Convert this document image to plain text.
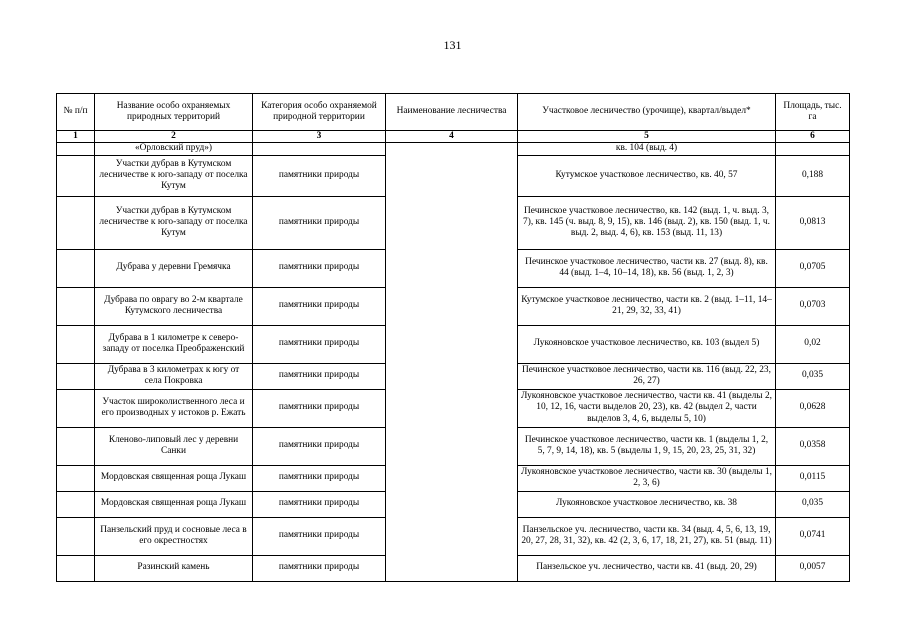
131
№ п/п	Название особо охраняемых природных территорий	Категория особо охраняемой природной территории	Наименование лесничества	Участковое лесничество (урочище), квартал/выдел*	Площадь, тыс. га
1	2	3	4	5	6
	«Орловский пруд»)			кв. 104 (выд. 4)	
	Участки дубрав в Кутумском лесничестве к юго-западу от поселка Кутум	памятники природы		Кутумское участковое лесничество, кв. 40, 57	0,188
	Участки дубрав в Кутумском лесничестве к юго-западу от поселка Кутум	памятники природы		Печинское участковое лесничество, кв. 142 (выд. 1, ч. выд. 3, 7), кв. 145 (ч. выд. 8, 9, 15), кв. 146 (выд. 2), кв. 150 (выд. 1, ч. выд. 2, выд. 4, 6), кв. 153 (выд. 11, 13)	0,0813
	Дубрава у деревни Гремячка	памятники природы		Печинское участковое лесничество, части кв. 27 (выд. 8), кв. 44 (выд. 1–4, 10–14, 18), кв. 56 (выд. 1, 2, 3)	0,0705
	Дубрава по оврагу во 2-м квартале Кутумского лесничества	памятники природы		Кутумское участковое лесничество, части кв. 2 (выд. 1–11, 14–21, 29, 32, 33, 41)	0,0703
	Дубрава в 1 километре к северо-западу от поселка Преображенский	памятники природы		Лукояновское участковое лесничество, кв. 103 (выдел 5)	0,02
	Дубрава в 3 километрах к югу от села Покровка	памятники природы		Печинское участковое лесничество, части кв. 116 (выд. 22, 23, 26, 27)	0,035
	Участок широколиственного леса и его производных у истоков р. Ежать	памятники природы		Лукояновское участковое лесничество, части кв. 41 (выделы 2, 10, 12, 16, части выделов 20, 23), кв. 42 (выдел 2, части выделов 3, 4, 6, выделы 5, 10)	0,0628
	Кленово-липовый лес у деревни Санки	памятники природы		Печинское участковое лесничество, части кв. 1 (выделы 1, 2, 5, 7, 9, 14, 18), кв. 5 (выделы 1, 9, 15, 20, 23, 25, 31, 32)	0,0358
	Мордовская священная роща Лукаш	памятники природы		Лукояновское участковое лесничество, части кв. 30 (выделы 1, 2, 3, 6)	0,0115
	Мордовская священная роща Лукаш	памятники природы		Лукояновское участковое лесничество, кв. 38	0,035
	Панзельский пруд и сосновые леса в его окрестностях	памятники природы		Панзельское уч. лесничество, части кв. 34 (выд. 4, 5, 6, 13, 19, 20, 27, 28, 31, 32), кв. 42 (2, 3, 6, 17, 18, 21, 27), кв. 51 (выд. 11)	0,0741
	Разинский камень	памятники природы		Панзельское уч. лесничество, части кв. 41 (выд. 20, 29)	0,0057
